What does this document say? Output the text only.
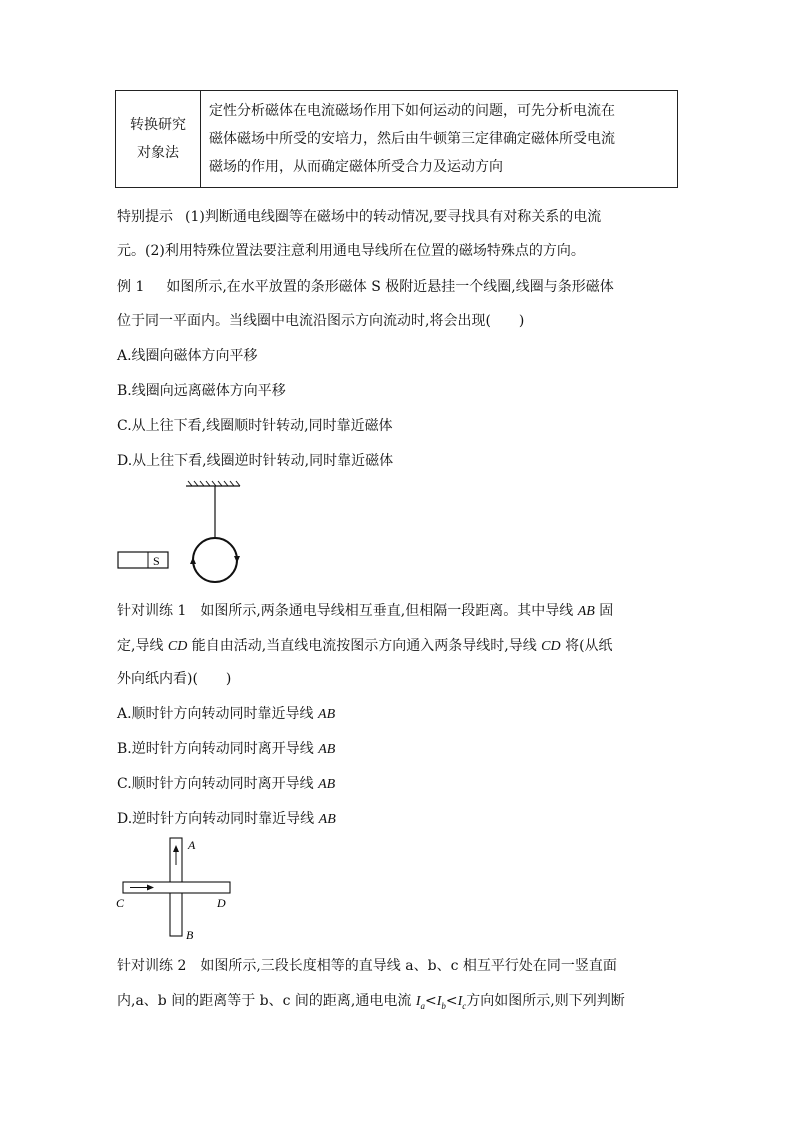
转换研究
对象法

定性分析磁体在电流磁场作用下如何运动的问题，可先分析电流在
磁体磁场中所受的安培力，然后由牛顿第三定律确定磁体所受电流
磁场的作用，从而确定磁体所受合力及运动方向
特别提示 (1)判断通电线圈等在磁场中的转动情况,要寻找具有对称关系的电流
元。(2)利用特殊位置法要注意利用通电导线所在位置的磁场特殊点的方向。
例 1 如图所示,在水平放置的条形磁体 S 极附近悬挂一个线圈,线圈与条形磁体
位于同一平面内。当线圈中电流沿图示方向流动时,将会出现(　　)
A.线圈向磁体方向平移
B.线圈向远离磁体方向平移
C.从上往下看,线圈顺时针转动,同时靠近磁体
D.从上往下看,线圈逆时针转动,同时靠近磁体
S
针对训练 1 如图所示,两条通电导线相互垂直,但相隔一段距离。其中导线 AB 固
定,导线 CD 能自由活动,当直线电流按图示方向通入两条导线时,导线 CD 将(从纸
外向纸内看)(　　)
A.顺时针方向转动同时靠近导线 AB
B.逆时针方向转动同时离开导线 AB
C.顺时针方向转动同时离开导线 AB
D.逆时针方向转动同时靠近导线 AB
A
B
C	D
针对训练 2 如图所示,三段长度相等的直导线 a、b、c 相互平行处在同一竖直面
内,a、b 间的距离等于 b、c 间的距离,通电电流 $I_a<I_b<I_c$方向如图所示,则下列判断
